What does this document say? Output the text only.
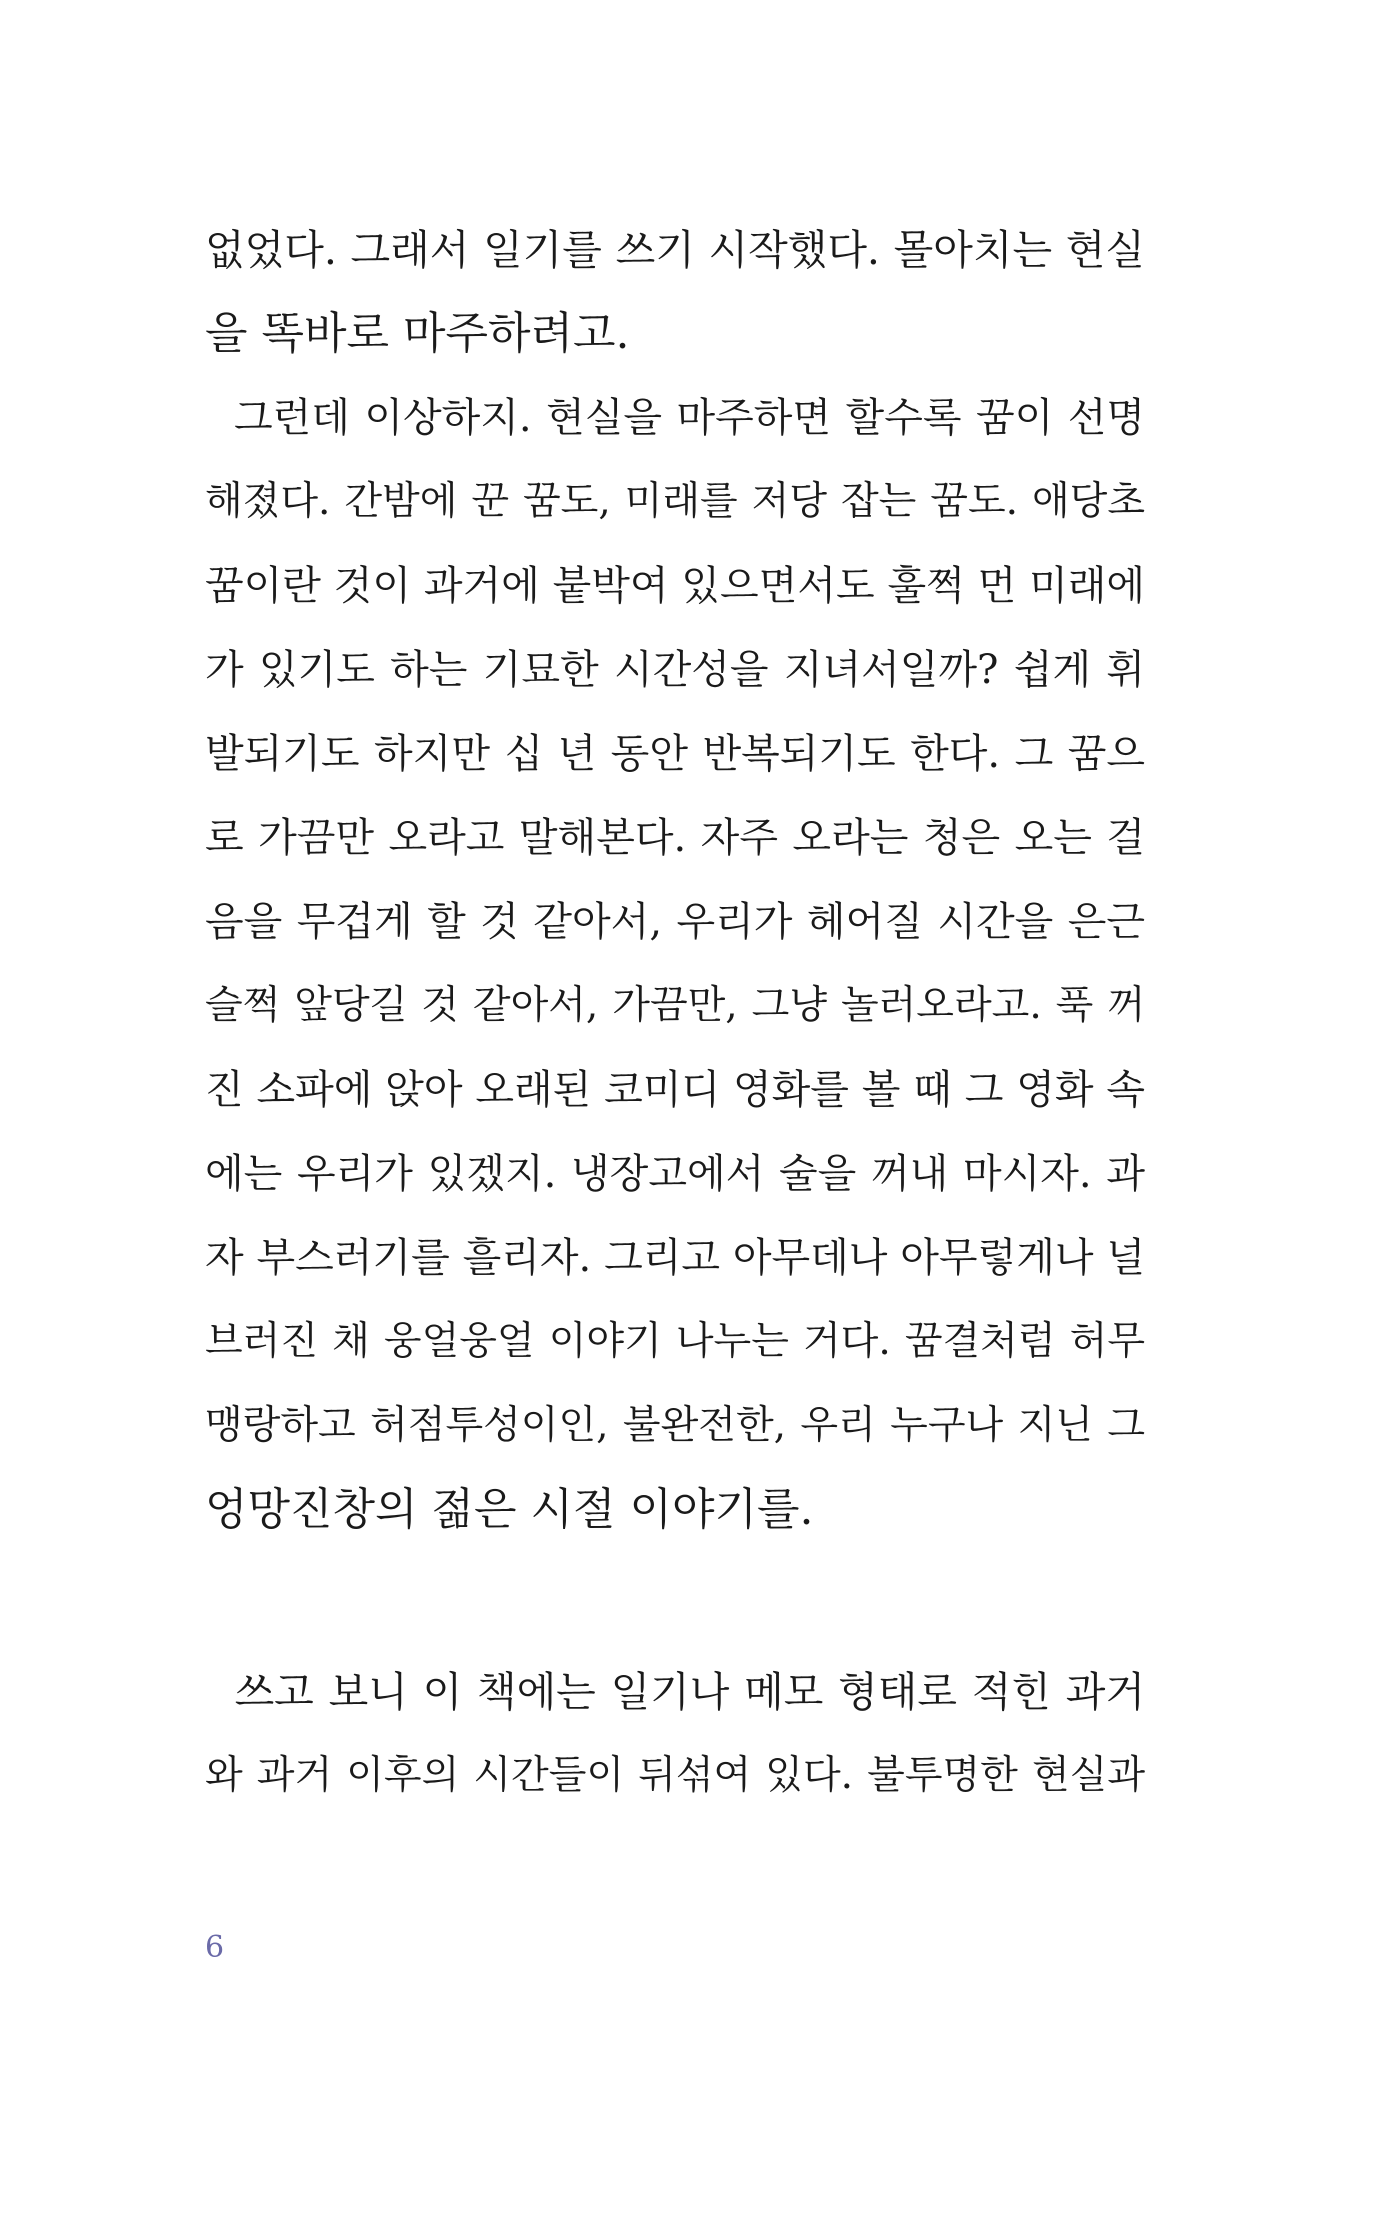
없었다. 그래서 일기를 쓰기 시작했다. 몰아치는 현실
을 똑바로 마주하려고.
그런데 이상하지. 현실을 마주하면 할수록 꿈이 선명
해졌다. 간밤에 꾼 꿈도, 미래를 저당 잡는 꿈도. 애당초
꿈이란 것이 과거에 붙박여 있으면서도 훌쩍 먼 미래에
가 있기도 하는 기묘한 시간성을 지녀서일까? 쉽게 휘
발되기도 하지만 십 년 동안 반복되기도 한다. 그 꿈으
로 가끔만 오라고 말해본다. 자주 오라는 청은 오는 걸
음을 무겁게 할 것 같아서, 우리가 헤어질 시간을 은근
슬쩍 앞당길 것 같아서, 가끔만, 그냥 놀러오라고. 푹 꺼
진 소파에 앉아 오래된 코미디 영화를 볼 때 그 영화 속
에는 우리가 있겠지. 냉장고에서 술을 꺼내 마시자. 과
자 부스러기를 흘리자. 그리고 아무데나 아무렇게나 널
브러진 채 웅얼웅얼 이야기 나누는 거다. 꿈결처럼 허무
맹랑하고 허점투성이인, 불완전한, 우리 누구나 지닌 그
엉망진창의 젊은 시절 이야기를.
쓰고 보니 이 책에는 일기나 메모 형태로 적힌 과거
와 과거 이후의 시간들이 뒤섞여 있다. 불투명한 현실과
6
